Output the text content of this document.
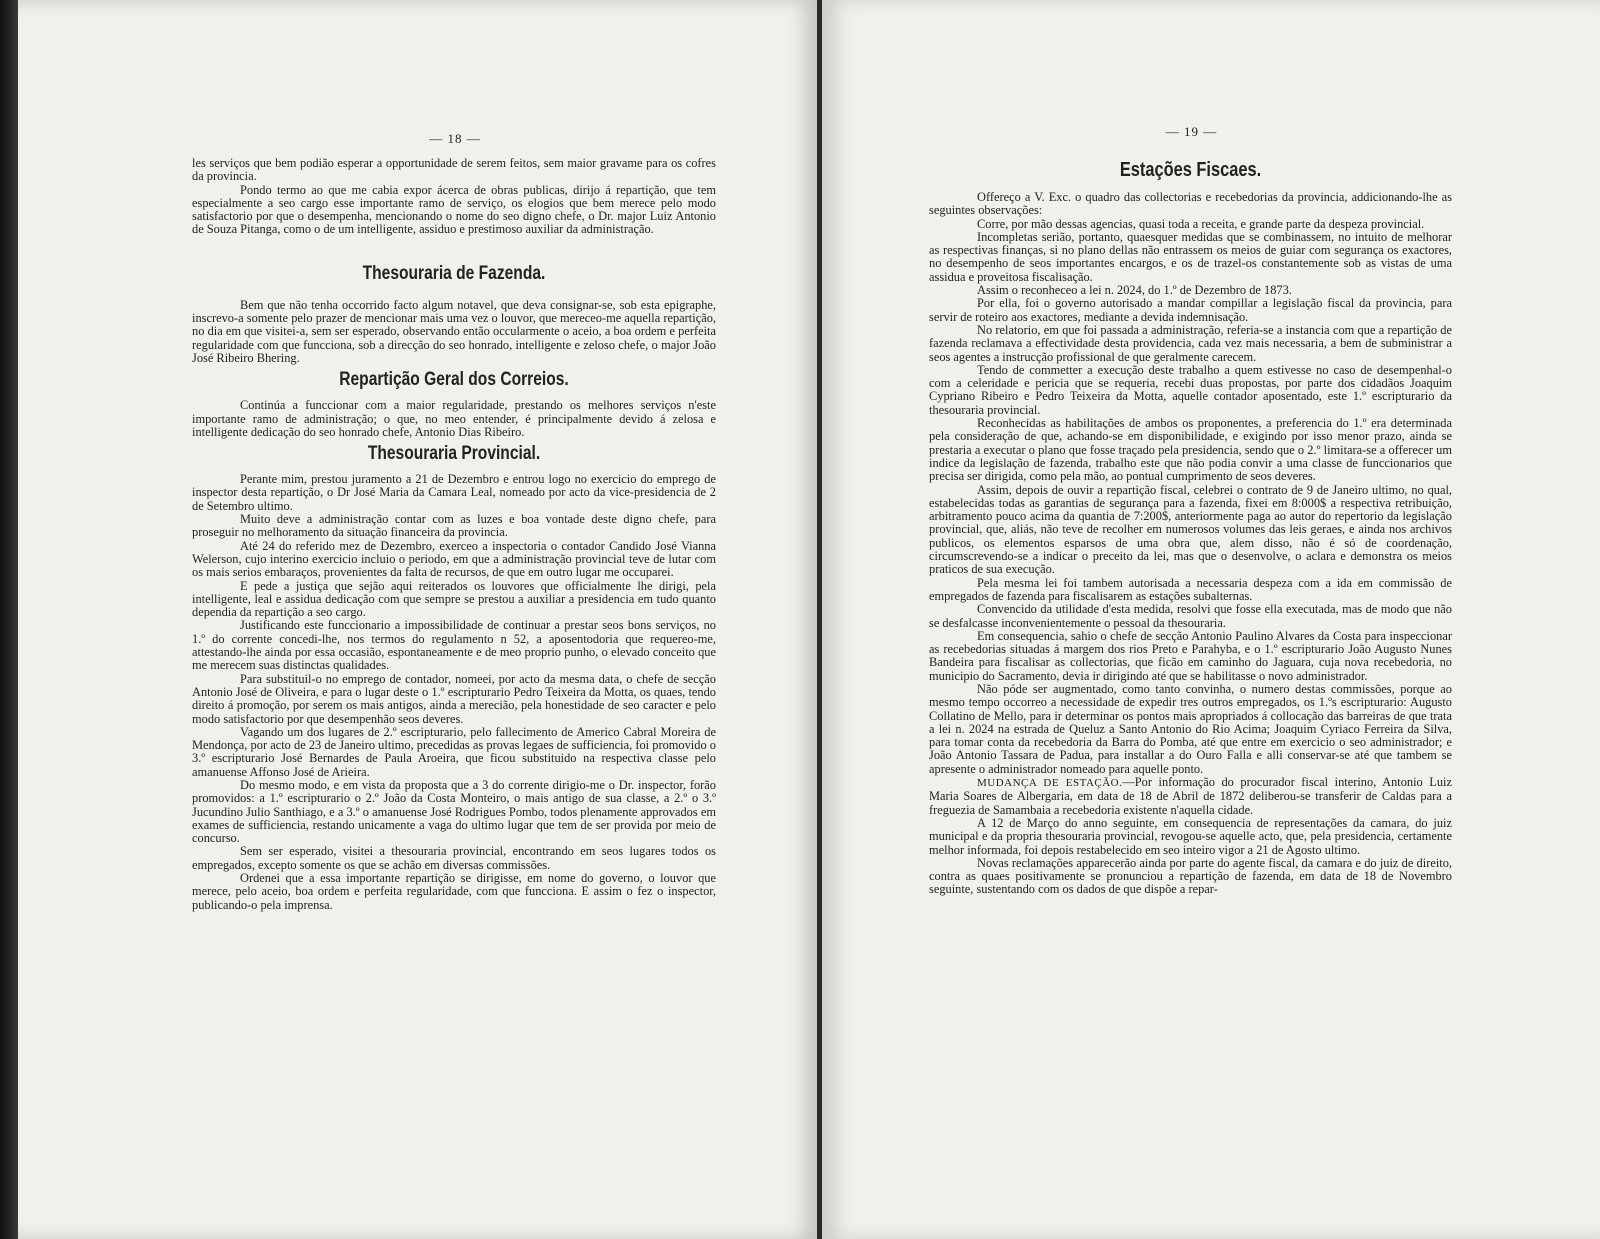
— 18 —

les serviços que bem podião esperar a opportunidade de serem feitos, sem maior gravame para os cofres da provincia.

Pondo termo ao que me cabia expor ácerca de obras publicas, dirijo á repartição, que tem especialmente a seo cargo esse importante ramo de serviço, os elogios que bem merece pelo modo satisfactorio por que o desempenha, mencionando o nome do seo digno chefe, o Dr. major Luiz Antonio de Souza Pitanga, como o de um intelligente, assiduo e prestimoso auxiliar da administração.

Thesouraria de Fazenda.

Bem que não tenha occorrido facto algum notavel, que deva consignar-se, sob esta epigraphe, inscrevo-a somente pelo prazer de mencionar mais uma vez o louvor, que mereceo-me aquella repartição, no dia em que visitei-a, sem ser esperado, observando então occularmente o aceio, a boa ordem e perfeita regularidade com que funcciona, sob a direcção do seo honrado, intelligente e zeloso chefe, o major João José Ribeiro Bhering.

Repartição Geral dos Correios.

Continúa a funccionar com a maior regularidade, prestando os melhores serviços n'este importante ramo de administração; o que, no meo entender, é principalmente devido á zelosa e intelligente dedicação do seo honrado chefe, Antonio Dias Ribeiro.

Thesouraria Provincial.

Perante mim, prestou juramento a 21 de Dezembro e entrou logo no exercicio do emprego de inspector desta repartição, o Dr José Maria da Camara Leal, nomeado por acto da vice-presidencia de 2 de Setembro ultimo.

Muito deve a administração contar com as luzes e boa vontade deste digno chefe, para proseguir no melhoramento da situação financeira da provincia.

Até 24 do referido mez de Dezembro, exerceo a inspectoria o contador Candido José Vianna Welerson, cujo interino exercicio incluio o periodo, em que a administração provincial teve de lutar com os mais serios embaraços, provenientes da falta de recursos, de que em outro lugar me occuparei.

E pede a justiça que sejão aqui reiterados os louvores que officialmente lhe dirigi, pela intelligente, leal e assidua dedicação com que sempre se prestou a auxiliar a presidencia em tudo quanto dependia da repartição a seo cargo.

Justificando este funccionario a impossibilidade de continuar a prestar seos bons serviços, no 1.º do corrente concedi-lhe, nos termos do regulamento n 52, a aposentodoria que requereo-me, attestando-lhe ainda por essa occasião, espontaneamente e de meo proprio punho, o elevado conceito que me merecem suas distinctas qualidades.

Para substituil-o no emprego de contador, nomeei, por acto da mesma data, o chefe de secção Antonio José de Oliveira, e para o lugar deste o 1.º escripturario Pedro Teixeira da Motta, os quaes, tendo direito á promoção, por serem os mais antigos, ainda a merecião, pela honestidade de seo caracter e pelo modo satisfactorio por que desempenhão seos deveres.

Vagando um dos lugares de 2.º escripturario, pelo fallecimento de Americo Cabral Moreira de Mendonça, por acto de 23 de Janeiro ultimo, precedidas as provas legaes de sufficiencia, foi promovido o 3.º escripturario José Bernardes de Paula Aroeira, que ficou substituido na respectiva classe pelo amanuense Affonso José de Arieira.

Do mesmo modo, e em vista da proposta que a 3 do corrente dirigio-me o Dr. inspector, forão promovidos: a 1.º escripturario o 2.º João da Costa Monteiro, o mais antigo de sua classe, a 2.º o 3.º Jucundino Julio Santhiago, e a 3.º o amanuense José Rodrigues Pombo, todos plenamente approvados em exames de sufficiencia, restando unicamente a vaga do ultimo lugar que tem de ser provida por meio de concurso.

Sem ser esperado, visitei a thesouraria provincial, encontrando em seos lugares todos os empregados, excepto somente os que se achão em diversas commissões.

Ordenei que a essa importante repartição se dirigisse, em nome do governo, o louvor que merece, pelo aceio, boa ordem e perfeita regularidade, com que funcciona. E assim o fez o inspector, publicando-o pela imprensa.

— 19 —
Estações Fiscaes.

Offereço a V. Exc. o quadro das collectorias e recebedorias da provincia, addicionando-lhe as seguintes observações:

Corre, por mão dessas agencias, quasi toda a receita, e grande parte da despeza provincial.

Incompletas serião, portanto, quaesquer medidas que se combinassem, no intuito de melhorar as respectivas finanças, si no plano dellas não entrassem os meios de guiar com segurança os exactores, no desempenho de seos importantes encargos, e os de trazel-os constantemente sob as vistas de uma assidua e proveitosa fiscalisação.

Assim o reconheceo a lei n. 2024, do 1.º de Dezembro de 1873.

Por ella, foi o governo autorisado a mandar compillar a legislação fiscal da provincia, para servir de roteiro aos exactores, mediante a devida indemnisação.

No relatorio, em que foi passada a administração, referia-se a instancia com que a repartição de fazenda reclamava a effectividade desta providencia, cada vez mais necessaria, a bem de subministrar a seos agentes a instrucção profissional de que geralmente carecem.

Tendo de commetter a execução deste trabalho a quem estivesse no caso de desempenhal-o com a celeridade e pericia que se requeria, recebi duas propostas, por parte dos cidadãos Joaquim Cypriano Ribeiro e Pedro Teixeira da Motta, aquelle contador aposentado, este 1.º escripturario da thesouraria provincial.

Reconhecidas as habilitações de ambos os proponentes, a preferencia do 1.º era determinada pela consideração de que, achando-se em disponibilidade, e exigindo por isso menor prazo, ainda se prestaria a executar o plano que fosse traçado pela presidencia, sendo que o 2.º limitara-se a offerecer um indice da legislação de fazenda, trabalho este que não podia convir a uma classe de funccionarios que precisa ser dirigida, como pela mão, ao pontual cumprimento de seos deveres.

Assim, depois de ouvir a repartição fiscal, celebrei o contrato de 9 de Janeiro ultimo, no qual, estabelecidas todas as garantias de segurança para a fazenda, fixei em 8:000$ a respectiva retribuição, arbitramento pouco acima da quantia de 7:200$, anteriormente paga ao autor do repertorio da legislação provincial, que, aliás, não teve de recolher em numerosos volumes das leis geraes, e ainda nos archivos publicos, os elementos esparsos de uma obra que, alem disso, não é só de coordenação, circumscrevendo-se a indicar o preceito da lei, mas que o desenvolve, o aclara e demonstra os meios praticos de sua execução.

Pela mesma lei foi tambem autorisada a necessaria despeza com a ida em commissão de empregados de fazenda para fiscalisarem as estações subalternas.

Convencido da utilidade d'esta medida, resolvi que fosse ella executada, mas de modo que não se desfalcasse inconvenientemente o pessoal da thesouraria.

Em consequencia, sahio o chefe de secção Antonio Paulino Alvares da Costa para inspeccionar as recebedorias situadas á margem dos rios Preto e Parahyba, e o 1.º escripturario João Augusto Nunes Bandeira para fiscalisar as collectorias, que ficão em caminho do Jaguara, cuja nova recebedoria, no municipio do Sacramento, devia ir dirigindo até que se habilitasse o novo administrador.

Não póde ser augmentado, como tanto convinha, o numero destas commissões, porque ao mesmo tempo occorreo a necessidade de expedir tres outros empregados, os 1.ºs escripturario: Augusto Collatino de Mello, para ir determinar os pontos mais apropriados á collocação das barreiras de que trata a lei n. 2024 na estrada de Queluz a Santo Antonio do Rio Acima; Joaquim Cyriaco Ferreira da Silva, para tomar conta da recebedoria da Barra do Pomba, até que entre em exercicio o seo administrador; e João Antonio Tassara de Padua, para installar a do Ouro Falla e alli conservar-se até que tambem se apresente o administrador nomeado para aquelle ponto.

MUDANÇA DE ESTAÇÃO.—Por informação do procurador fiscal interino, Antonio Luiz Maria Soares de Albergaria, em data de 18 de Abril de 1872 deliberou-se transferir de Caldas para a freguezia de Samambaia a recebedoria existente n'aquella cidade.

A 12 de Março do anno seguinte, em consequencia de representações da camara, do juiz municipal e da propria thesouraria provincial, revogou-se aquelle acto, que, pela presidencia, certamente melhor informada, foi depois restabelecido em seo inteiro vigor a 21 de Agosto ultimo.

Novas reclamações apparecerão ainda por parte do agente fiscal, da camara e do juiz de direito, contra as quaes positivamente se pronunciou a repartição de fazenda, em data de 18 de Novembro seguinte, sustentando com os dados de que dispõe a repar-
